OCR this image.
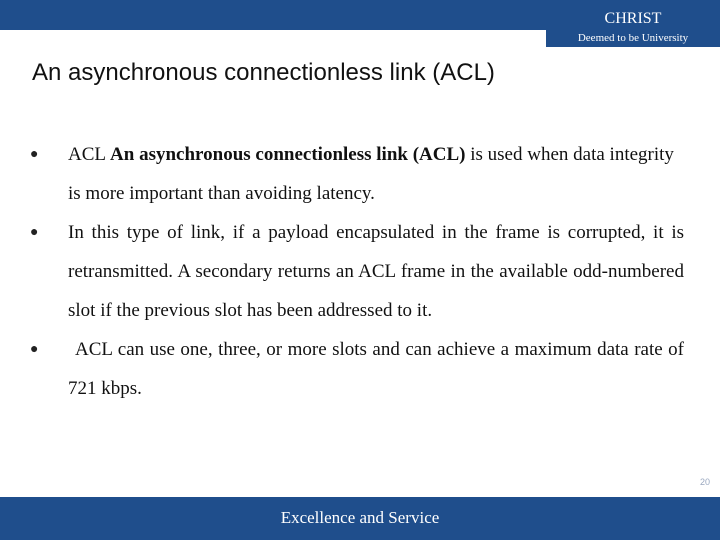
CHRIST
Deemed to be University
An asynchronous connectionless link (ACL)
●	ACL An asynchronous connectionless link (ACL) is used when data integrity is more important than avoiding latency.
●	In this type of link, if a payload encapsulated in the frame is corrupted, it is retransmitted. A secondary returns an ACL frame in the available odd-numbered slot if the previous slot has been addressed to it.
●	ACL can use one, three, or more slots and can achieve a maximum data rate of 721 kbps.
Excellence and Service
20
